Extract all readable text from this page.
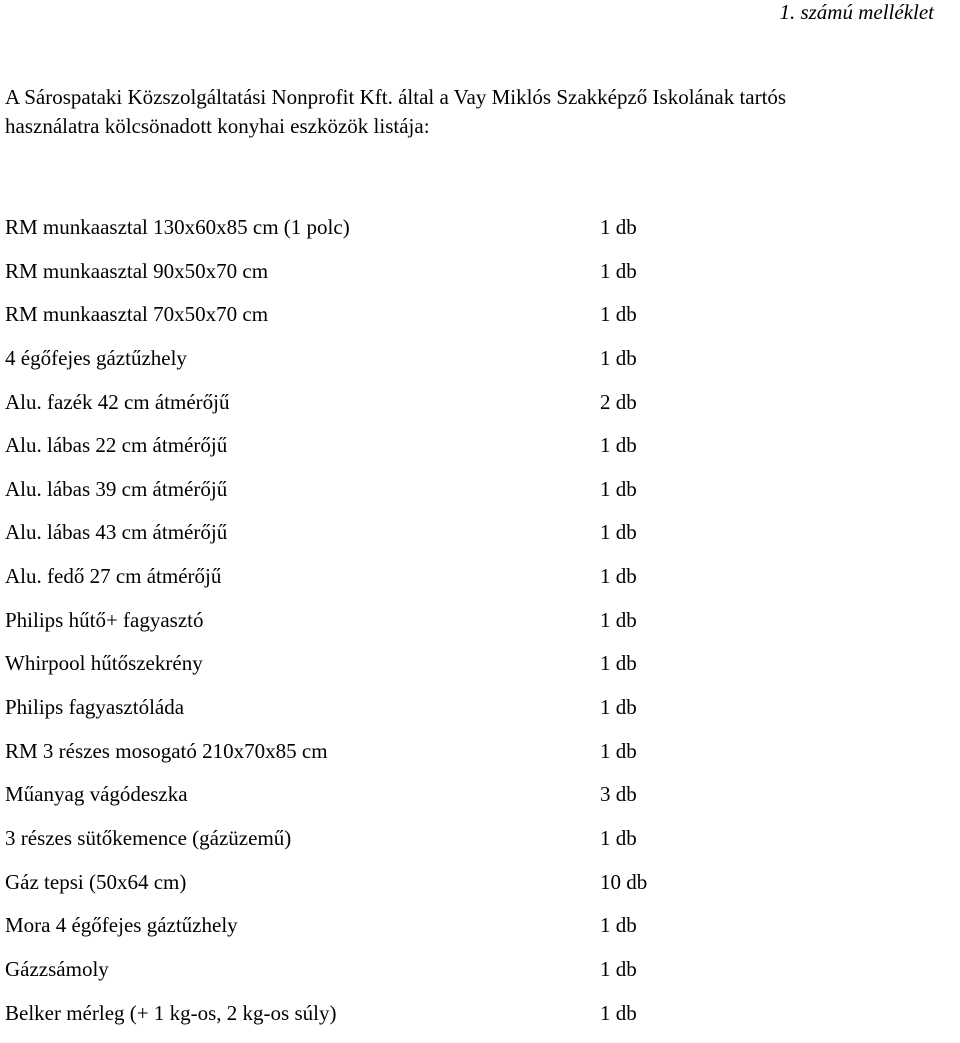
1. számú melléklet

A Sárospataki Közszolgáltatási Nonprofit Kft. által a Vay Miklós Szakképző Iskolának tartós

használatra kölcsönadott konyhai eszközök listája:

RM munkaasztal 130x60x85 cm (1 polc)	1 db
RM munkaasztal 90x50x70 cm	1 db
RM munkaasztal 70x50x70 cm	1 db
4 égőfejes gáztűzhely	1 db
Alu. fazék 42 cm átmérőjű	2 db
Alu. lábas 22 cm átmérőjű	1 db
Alu. lábas 39 cm átmérőjű	1 db
Alu. lábas 43 cm átmérőjű	1 db
Alu. fedő 27 cm átmérőjű	1 db
Philips hűtő+ fagyasztó	1 db
Whirpool hűtőszekrény	1 db
Philips fagyasztóláda	1 db
RM 3 részes mosogató 210x70x85 cm	1 db
Műanyag vágódeszka	3 db
3 részes sütőkemence (gázüzemű)	1 db
Gáz tepsi (50x64 cm)	10 db
Mora 4 égőfejes gáztűzhely	1 db
Gázzsámoly	1 db
Belker mérleg (+ 1 kg-os, 2 kg-os súly)	1 db
